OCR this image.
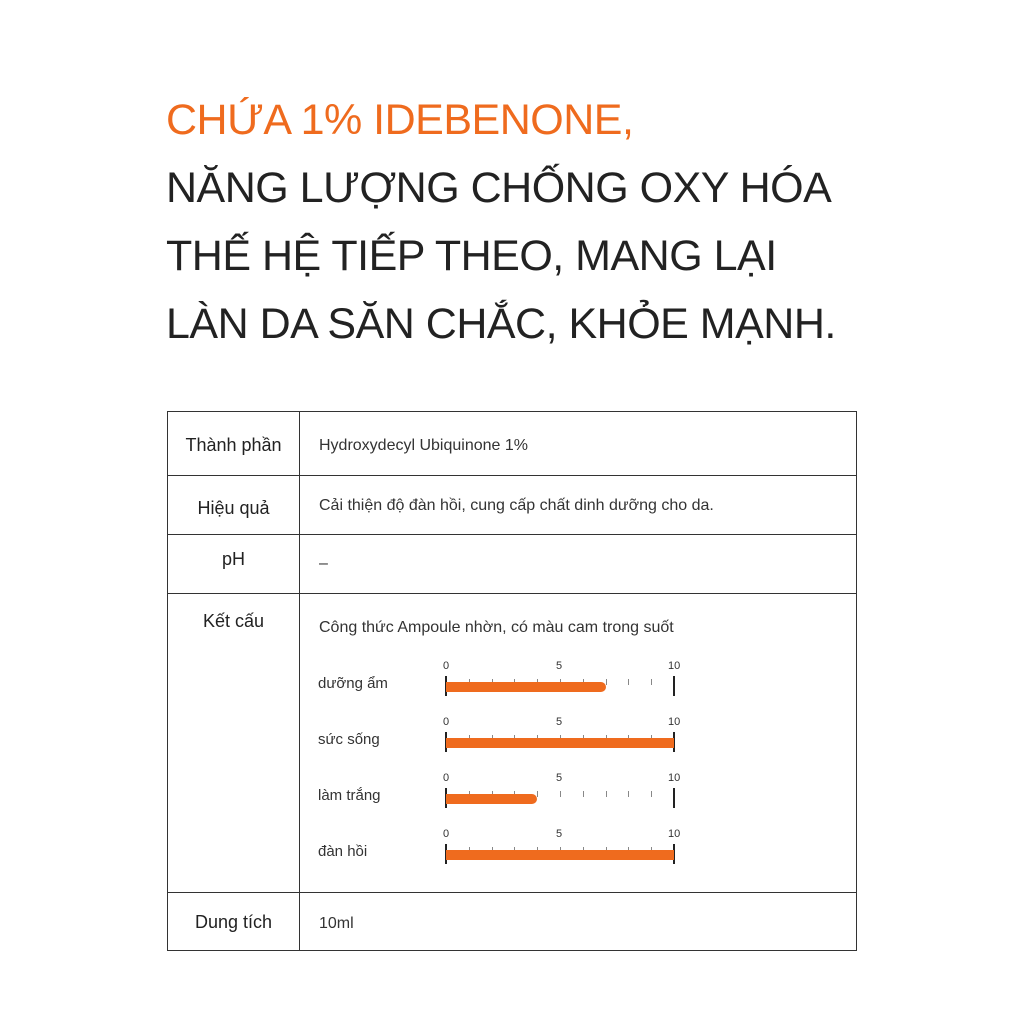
CHỨA 1% IDEBENONE,
NĂNG LƯỢNG CHỐNG OXY HÓA
THẾ HỆ TIẾP THEO, MANG LẠI
LÀN DA SĂN CHẮC, KHỎE MẠNH.
Thành phần	Hydroxydecyl Ubiquinone 1%
Hiệu quả	Cải thiện độ đàn hồi, cung cấp chất dinh dưỡng cho da.
pH	–
Kết cấu	Công thức Ampoule nhờn, có màu cam trong suốt
dưỡng ẩm
0	5	10
sức sống
0	5	10
làm trắng
0	5	10
đàn hồi
0	5	10
Dung tích	10ml
